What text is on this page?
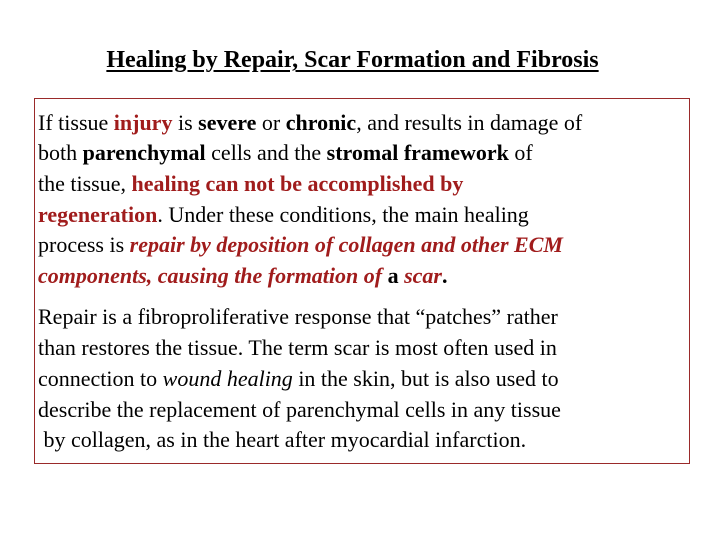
Healing by Repair, Scar Formation and Fibrosis
If tissue injury is severe or chronic, and results in damage of
both parenchymal cells and the stromal framework of
the tissue, healing can not be accomplished by
regeneration. Under these conditions, the main healing
process is repair by deposition of collagen and other ECM
components, causing the formation of a scar.
Repair is a fibroproliferative response that “patches” rather
than restores the tissue. The term scar is most often used in
connection to wound healing in the skin, but is also used to
describe the replacement of parenchymal cells in any tissue
by collagen, as in the heart after myocardial infarction.
